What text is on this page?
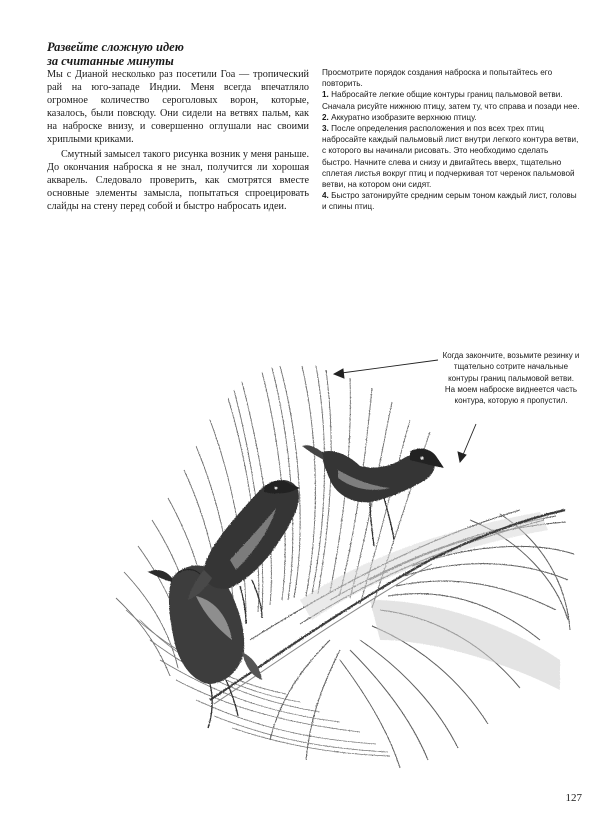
Развейте сложную идею
за считанные минуты

Мы с Дианой несколько раз посетили Гоа — тропический рай на юго-западе Индии. Меня всегда впечатляло огромное количество сероголовых ворон, которые, казалось, были повсюду. Они сидели на ветвях пальм, как на наброске внизу, и совершенно оглушали нас своими хриплыми криками.

Смутный замысел такого рисунка возник у меня раньше. До окончания наброска я не знал, получится ли хорошая акварель. Следовало проверить, как смотрятся вместе основные элементы замысла, попытаться спроецировать слайды на стену перед собой и быстро набросать идеи.

Просмотрите порядок создания наброска и попытайтесь его повторить.

1. Набросайте легкие общие контуры границ пальмовой ветви. Сначала рисуйте нижнюю птицу, затем ту, что справа и позади нее.

2. Аккуратно изобразите верхнюю птицу.

3. После определения расположения и поз всех трех птиц набросайте каждый пальмовый лист внутри легкого контура ветви, с которого вы начинали рисовать. Это необходимо сделать быстро. Начните слева и снизу и двигайтесь вверх, тщательно сплетая листья вокруг птиц и подчеркивая тот черенок пальмовой ветви, на котором они сидят.

4. Быстро затонируйте средним серым тоном каждый лист, головы и спины птиц.

Когда закончите, возьмите резинку и тщательно сотрите начальные контуры границ пальмовой ветви. На моем наброске виднеется часть контура, которую я пропустил.
127
